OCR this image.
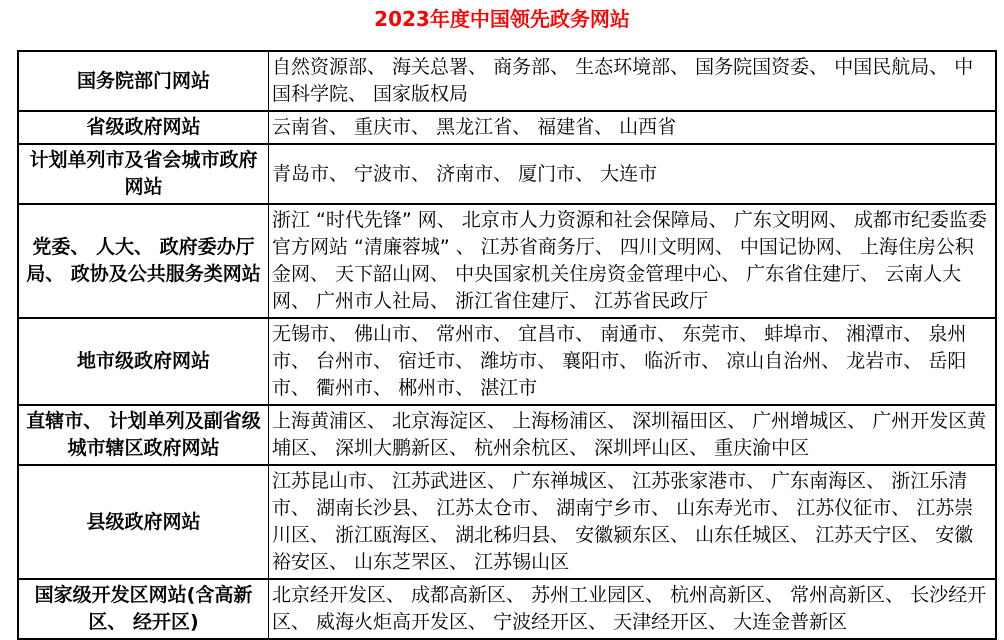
2023年度中国领先政务网站
国务院部门网站	自然资源部、 海关总署、 商务部、 生态环境部、 国务院国资委、 中国民航局、 中国科学院、 国家版权局
省级政府网站	云南省、 重庆市、 黑龙江省、 福建省、 山西省
计划单列市及省会城市政府网站	青岛市、 宁波市、 济南市、 厦门市、 大连市
党委、 人大、 政府委办厅局、 政协及公共服务类网站	浙江 “时代先锋” 网、 北京市人力资源和社会保障局、 广东文明网、 成都市纪委监委官方网站 “清廉蓉城” 、 江苏省商务厅、 四川文明网、 中国记协网、 上海住房公积金网、 天下韶山网、 中央国家机关住房资金管理中心、 广东省住建厅、 云南人大网、 广州市人社局、 浙江省住建厅、 江苏省民政厅
地市级政府网站	无锡市、 佛山市、 常州市、 宜昌市、 南通市、 东莞市、 蚌埠市、 湘潭市、 泉州市、 台州市、 宿迁市、 潍坊市、 襄阳市、 临沂市、 凉山自治州、 龙岩市、 岳阳市、 衢州市、 郴州市、 湛江市
直辖市、 计划单列及副省级城市辖区政府网站	上海黄浦区、 北京海淀区、 上海杨浦区、 深圳福田区、 广州增城区、 广州开发区黄埔区、 深圳大鹏新区、 杭州余杭区、 深圳坪山区、 重庆渝中区
县级政府网站	江苏昆山市、 江苏武进区、 广东禅城区、 江苏张家港市、 广东南海区、 浙江乐清市、 湖南长沙县、 江苏太仓市、 湖南宁乡市、 山东寿光市、 江苏仪征市、 江苏崇川区、 浙江瓯海区、 湖北秭归县、 安徽颍东区、 山东任城区、 江苏天宁区、 安徽裕安区、 山东芝罘区、 江苏锡山区
国家级开发区网站(含高新区、 经开区)	北京经开发区、 成都高新区、 苏州工业园区、 杭州高新区、 常州高新区、 长沙经开区、 威海火炬高开发区、 宁波经开区、 天津经开区、 大连金普新区
